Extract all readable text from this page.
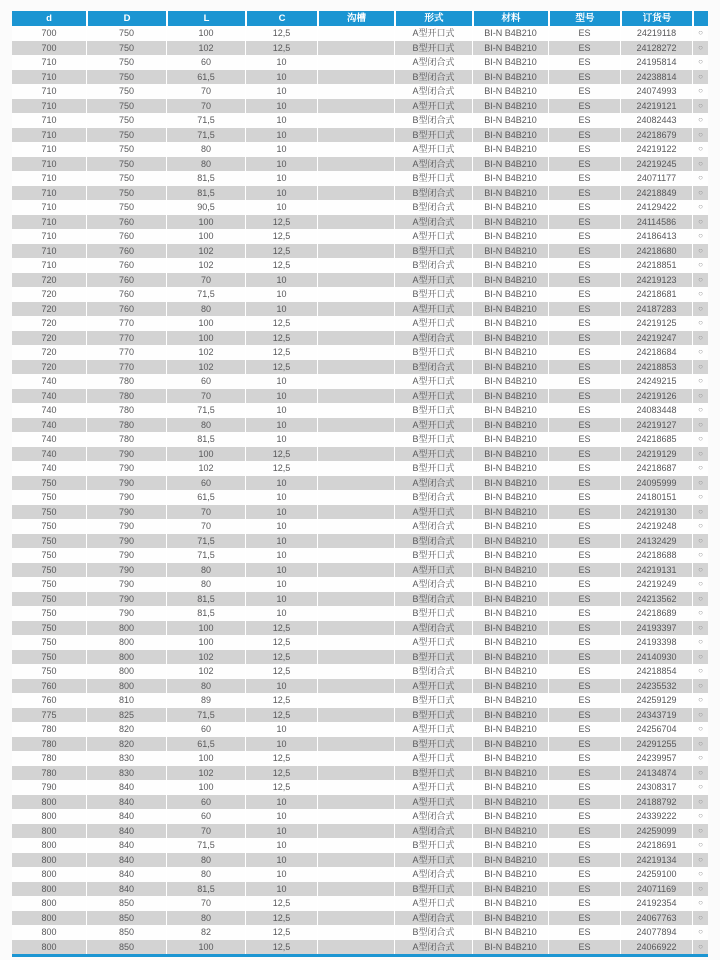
d	D	L	C	沟槽	形式	材料	型号	订货号	
700	750	100	12,5		A型开口式	BI-N B4B210	ES	24219118	○
700	750	102	12,5		B型开口式	BI-N B4B210	ES	24128272	○
710	750	60	10		A型闭合式	BI-N B4B210	ES	24195814	○
710	750	61,5	10		B型闭合式	BI-N B4B210	ES	24238814	○
710	750	70	10		A型闭合式	BI-N B4B210	ES	24074993	○
710	750	70	10		A型开口式	BI-N B4B210	ES	24219121	○
710	750	71,5	10		B型闭合式	BI-N B4B210	ES	24082443	○
710	750	71,5	10		B型开口式	BI-N B4B210	ES	24218679	○
710	750	80	10		A型开口式	BI-N B4B210	ES	24219122	○
710	750	80	10		A型闭合式	BI-N B4B210	ES	24219245	○
710	750	81,5	10		B型开口式	BI-N B4B210	ES	24071177	○
710	750	81,5	10		B型闭合式	BI-N B4B210	ES	24218849	○
710	750	90,5	10		B型闭合式	BI-N B4B210	ES	24129422	○
710	760	100	12,5		A型闭合式	BI-N B4B210	ES	24114586	○
710	760	100	12,5		A型开口式	BI-N B4B210	ES	24186413	○
710	760	102	12,5		B型开口式	BI-N B4B210	ES	24218680	○
710	760	102	12,5		B型闭合式	BI-N B4B210	ES	24218851	○
720	760	70	10		A型开口式	BI-N B4B210	ES	24219123	○
720	760	71,5	10		B型开口式	BI-N B4B210	ES	24218681	○
720	760	80	10		A型开口式	BI-N B4B210	ES	24187283	○
720	770	100	12,5		A型开口式	BI-N B4B210	ES	24219125	○
720	770	100	12,5		A型闭合式	BI-N B4B210	ES	24219247	○
720	770	102	12,5		B型开口式	BI-N B4B210	ES	24218684	○
720	770	102	12,5		B型闭合式	BI-N B4B210	ES	24218853	○
740	780	60	10		A型开口式	BI-N B4B210	ES	24249215	○
740	780	70	10		A型开口式	BI-N B4B210	ES	24219126	○
740	780	71,5	10		B型开口式	BI-N B4B210	ES	24083448	○
740	780	80	10		A型开口式	BI-N B4B210	ES	24219127	○
740	780	81,5	10		B型开口式	BI-N B4B210	ES	24218685	○
740	790	100	12,5		A型开口式	BI-N B4B210	ES	24219129	○
740	790	102	12,5		B型开口式	BI-N B4B210	ES	24218687	○
750	790	60	10		A型闭合式	BI-N B4B210	ES	24095999	○
750	790	61,5	10		B型闭合式	BI-N B4B210	ES	24180151	○
750	790	70	10		A型开口式	BI-N B4B210	ES	24219130	○
750	790	70	10		A型闭合式	BI-N B4B210	ES	24219248	○
750	790	71,5	10		B型闭合式	BI-N B4B210	ES	24132429	○
750	790	71,5	10		B型开口式	BI-N B4B210	ES	24218688	○
750	790	80	10		A型开口式	BI-N B4B210	ES	24219131	○
750	790	80	10		A型闭合式	BI-N B4B210	ES	24219249	○
750	790	81,5	10		B型闭合式	BI-N B4B210	ES	24213562	○
750	790	81,5	10		B型开口式	BI-N B4B210	ES	24218689	○
750	800	100	12,5		A型闭合式	BI-N B4B210	ES	24193397	○
750	800	100	12,5		A型开口式	BI-N B4B210	ES	24193398	○
750	800	102	12,5		B型开口式	BI-N B4B210	ES	24140930	○
750	800	102	12,5		B型闭合式	BI-N B4B210	ES	24218854	○
760	800	80	10		A型开口式	BI-N B4B210	ES	24235532	○
760	810	89	12,5		B型开口式	BI-N B4B210	ES	24259129	○
775	825	71,5	12,5		B型开口式	BI-N B4B210	ES	24343719	○
780	820	60	10		A型开口式	BI-N B4B210	ES	24256704	○
780	820	61,5	10		B型开口式	BI-N B4B210	ES	24291255	○
780	830	100	12,5		A型开口式	BI-N B4B210	ES	24239957	○
780	830	102	12,5		B型开口式	BI-N B4B210	ES	24134874	○
790	840	100	12,5		A型开口式	BI-N B4B210	ES	24308317	○
800	840	60	10		A型开口式	BI-N B4B210	ES	24188792	○
800	840	60	10		A型闭合式	BI-N B4B210	ES	24339222	○
800	840	70	10		A型闭合式	BI-N B4B210	ES	24259099	○
800	840	71,5	10		B型开口式	BI-N B4B210	ES	24218691	○
800	840	80	10		A型开口式	BI-N B4B210	ES	24219134	○
800	840	80	10		A型闭合式	BI-N B4B210	ES	24259100	○
800	840	81,5	10		B型开口式	BI-N B4B210	ES	24071169	○
800	850	70	12,5		A型开口式	BI-N B4B210	ES	24192354	○
800	850	80	12,5		A型闭合式	BI-N B4B210	ES	24067763	○
800	850	82	12,5		B型闭合式	BI-N B4B210	ES	24077894	○
800	850	100	12,5		A型闭合式	BI-N B4B210	ES	24066922	○
